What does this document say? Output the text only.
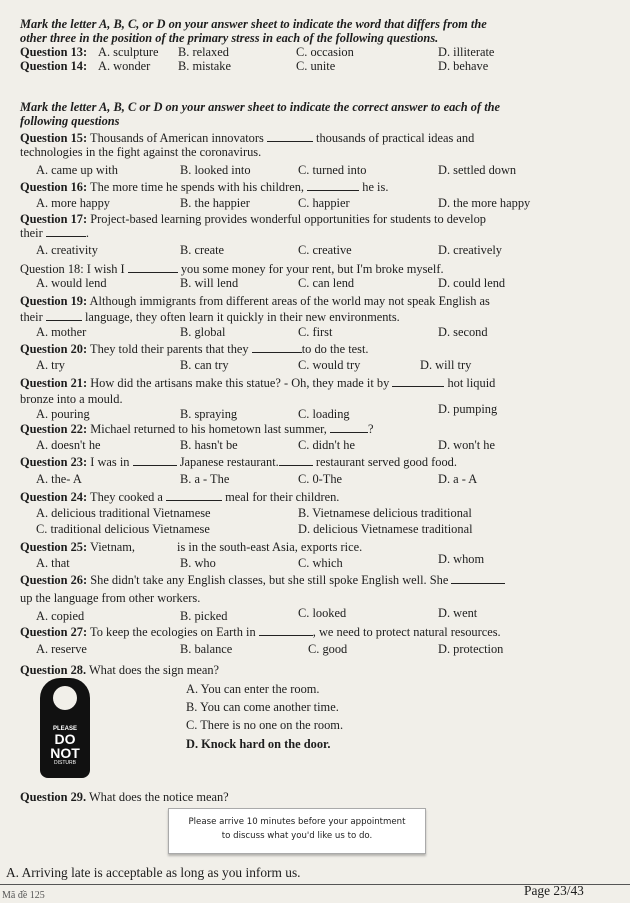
Mark the letter A, B, C, or D on your answer sheet to indicate the word that differs from the
other three in the position of the primary stress in each of the following questions.
Question 13: A. sculpture B. relaxed	C. occasion	D. illiterate
Question 14: A. wonder B. mistake	C. unite	D. behave
Mark the letter A, B, C or D on your answer sheet to indicate the correct answer to each of the
following questions
Question 15: Thousands of American innovators	thousands of practical ideas and
technologies in the fight against the coronavirus.
A. came up with	B. looked into	C. turned into	D. settled down
Question 16: The more time he spends with his children,	he is.
A. more happy	B. the happier	C. happier	D. the more happy
Question 17: Project-based learning provides wonderful opportunities for students to develop
their	.
A. creativity	B. create	C. creative	D. creatively
Question 18: I wish I	you some money for your rent, but I'm broke myself.
A. would lend	B. will lend	C. can lend	D. could lend
Question 19: Although immigrants from different areas of the world may not speak English as
their	language, they often learn it quickly in their new environments.
A. mother	B. global	C. first	D. second
Question 20: They told their parents that they	to do the test.
A. try	B. can try	C. would try	D. will try
Question 21: How did the artisans make this statue? - Oh, they made it by	hot liquid
bronze into a mould.
A. pouring	B. spraying	C. loading	D. pumping
Question 22: Michael returned to his hometown last summer,	?
A. doesn't he	B. hasn't be	C. didn't he	D. won't he
Question 23: I was in	Japanese restaurant.	restaurant served good food.
A. the- A	B. a - The	C. 0-The	D. a - A
Question 24: They cooked a	meal for their children.
A. delicious traditional Vietnamese	B. Vietnamese delicious traditional
C. traditional delicious Vietnamese	D. delicious Vietnamese traditional
Question 25: Vietnam,	is in the south-east Asia, exports rice.
A. that	B. who	C. which	D. whom
Question 26: She didn't take any English classes, but she still spoke English well. She
up the language from other workers.
A. copied	B. picked	C. looked	D. went
Question 27: To keep the ecologies on Earth in	, we need to protect natural resources.
A. reserve	B. balance	C. good	D. protection
Question 28. What does the sign mean?
PLEASE
DO
NOT
DISTURB
A. You can enter the room.
B. You can come another time.
C. There is no one on the room.
D. Knock hard on the door.
Question 29. What does the notice mean?
Please arrive 10 minutes before your appointment
to discuss what you'd like us to do.
A. Arriving late is acceptable as long as you inform us.
Mã đề 125	Page 23/43
